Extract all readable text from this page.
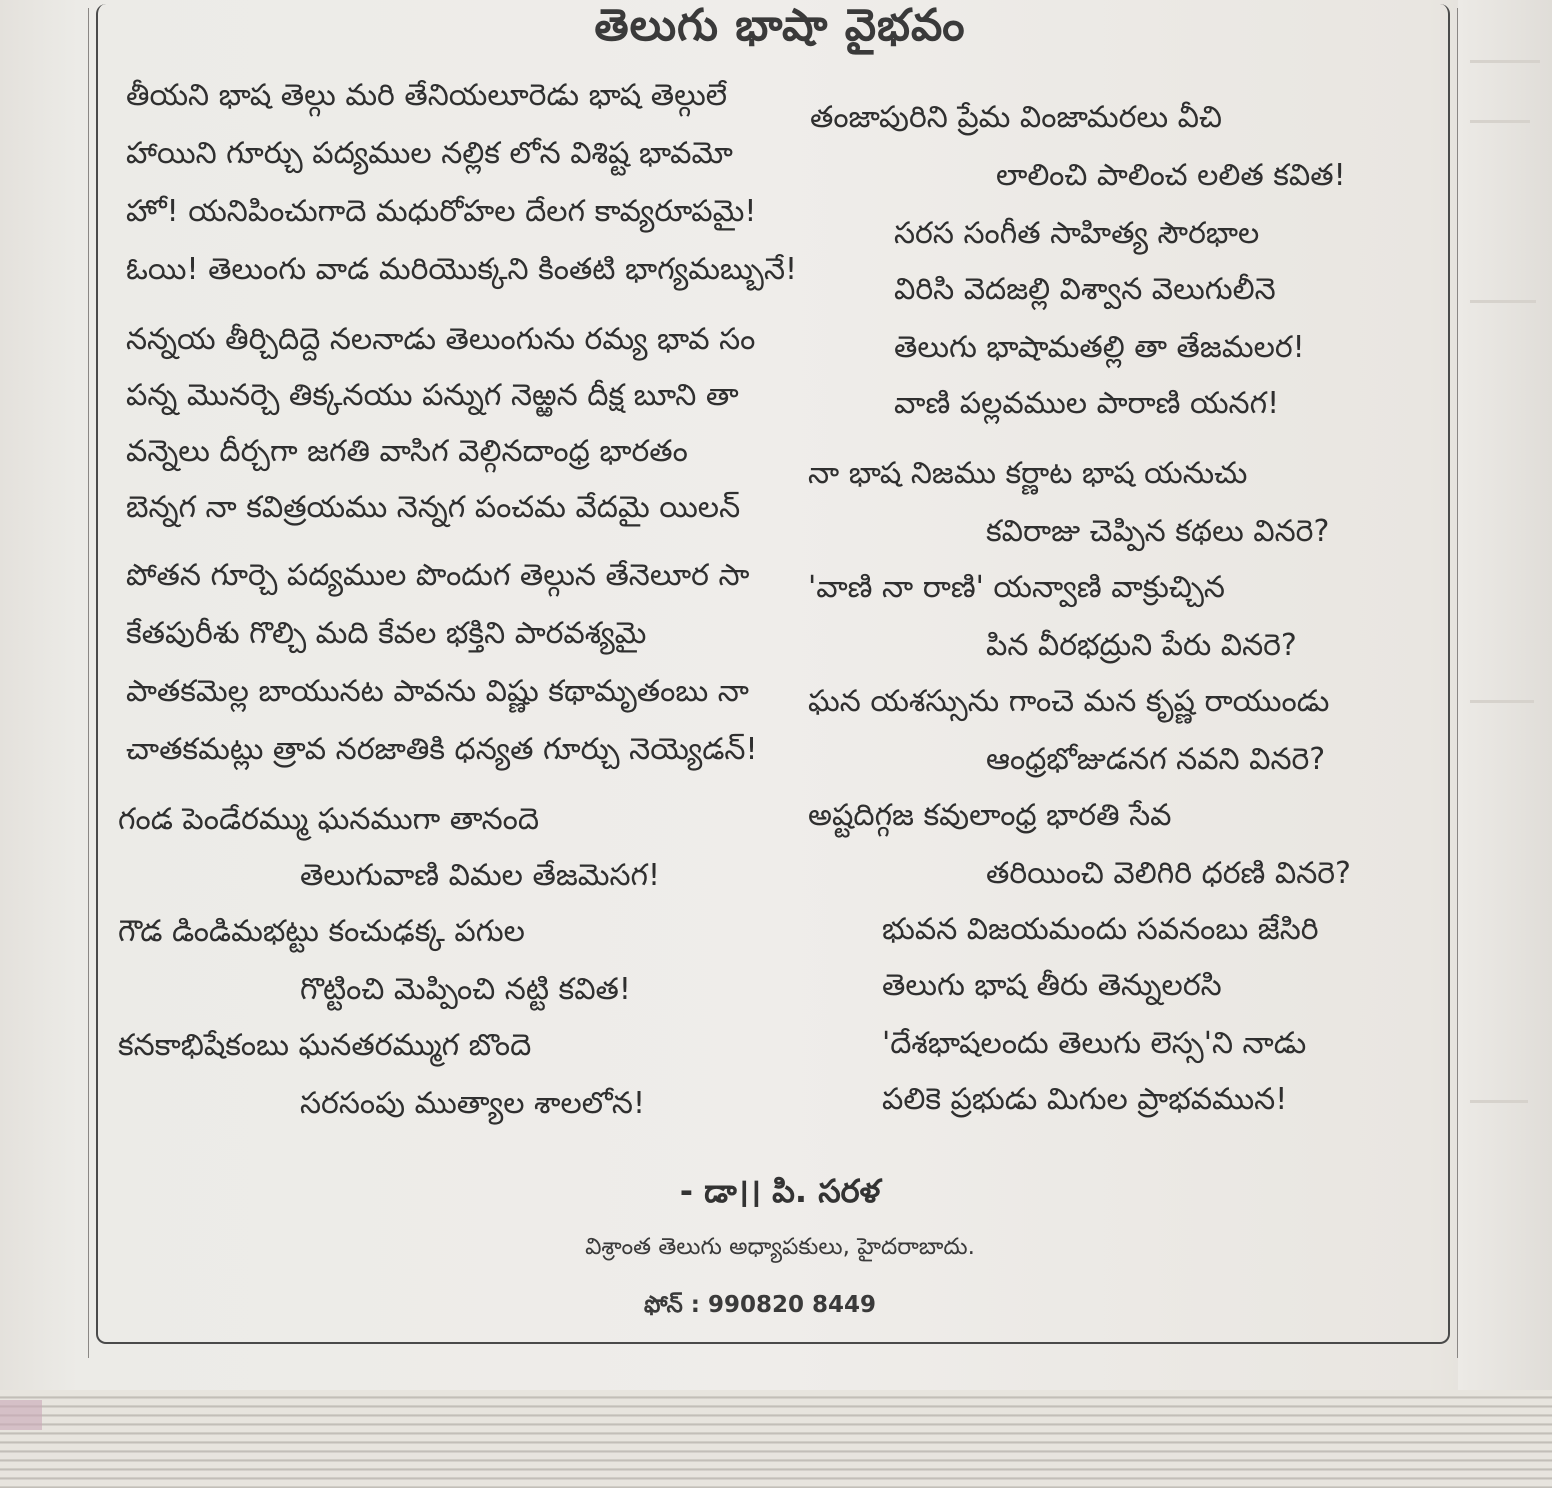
తెలుగు భాషా వైభవం
తీయని భాష తెల్గు మరి తేనియలూరెడు భాష తెల్గులే
హాయిని గూర్చు పద్యముల నల్లిక లోన విశిష్ట భావమో
హో! యనిపించుగాదె మధురోహల దేలగ కావ్యరూపమై!
ఓయి! తెలుంగు వాడ మరియొక్కని కింతటి భాగ్యమబ్బునే!
నన్నయ తీర్చిదిద్దె నలనాడు తెలుంగును రమ్య భావ సం
పన్న మొనర్చె తిక్కనయు పన్నుగ నెఱ్ఱన దీక్ష బూని తా
వన్నెలు దీర్చగా జగతి వాసిగ వెల్గినదాంధ్ర భారతం
బెన్నగ నా కవిత్రయము నెన్నగ పంచమ వేదమై యిలన్
పోతన గూర్చె పద్యముల పొందుగ తెల్గున తేనెలూర సా
కేతపురీశు గొల్చి మది కేవల భక్తిని పారవశ్యమై
పాతకమెల్ల బాయునట పావను విష్ణు కథామృతంబు నా
చాతకమట్లు త్రావ నరజాతికి ధన్యత గూర్చు నెయ్యెడన్!
గండ పెండేరమ్ము ఘనముగా తానందె
తెలుగువాణి విమల తేజమెసగ!
గౌడ డిండిమభట్టు కంచుఢక్క పగుల
గొట్టించి మెప్పించి నట్టి కవిత!
కనకాభిషేకంబు ఘనతరమ్ముగ బొందె
సరసంపు ముత్యాల శాలలోన!
తంజాపురిని ప్రేమ వింజామరలు వీచి
లాలించి పాలించ లలిత కవిత!
సరస సంగీత సాహిత్య సౌరభాల
విరిసి వెదజల్లి విశ్వాన వెలుగులీనె
తెలుగు భాషామతల్లి తా తేజమలర!
వాణి పల్లవముల పారాణి యనగ!
నా భాష నిజము కర్ణాట భాష యనుచు
కవిరాజు చెప్పిన కథలు వినరె?
'వాణి నా రాణి' యన్వాణి వాక్రుచ్చిన
పిన వీరభద్రుని పేరు వినరె?
ఘన యశస్సును గాంచె మన కృష్ణ రాయుండు
ఆంధ్రభోజుడనగ నవని వినరె?
అష్టదిగ్గజ కవులాంధ్ర భారతి సేవ
తరియించి వెలిగిరి ధరణి వినరె?
భువన విజయమందు సవనంబు జేసిరి
తెలుగు భాష తీరు తెన్నులరసి
'దేశభాషలందు తెలుగు లెస్స'ని నాడు
పలికె ప్రభుడు మిగుల ప్రాభవమున!
- డా।। పి. సరళ
విశ్రాంత తెలుగు అధ్యాపకులు, హైదరాబాదు.
ఫోన్ : 990820 8449
